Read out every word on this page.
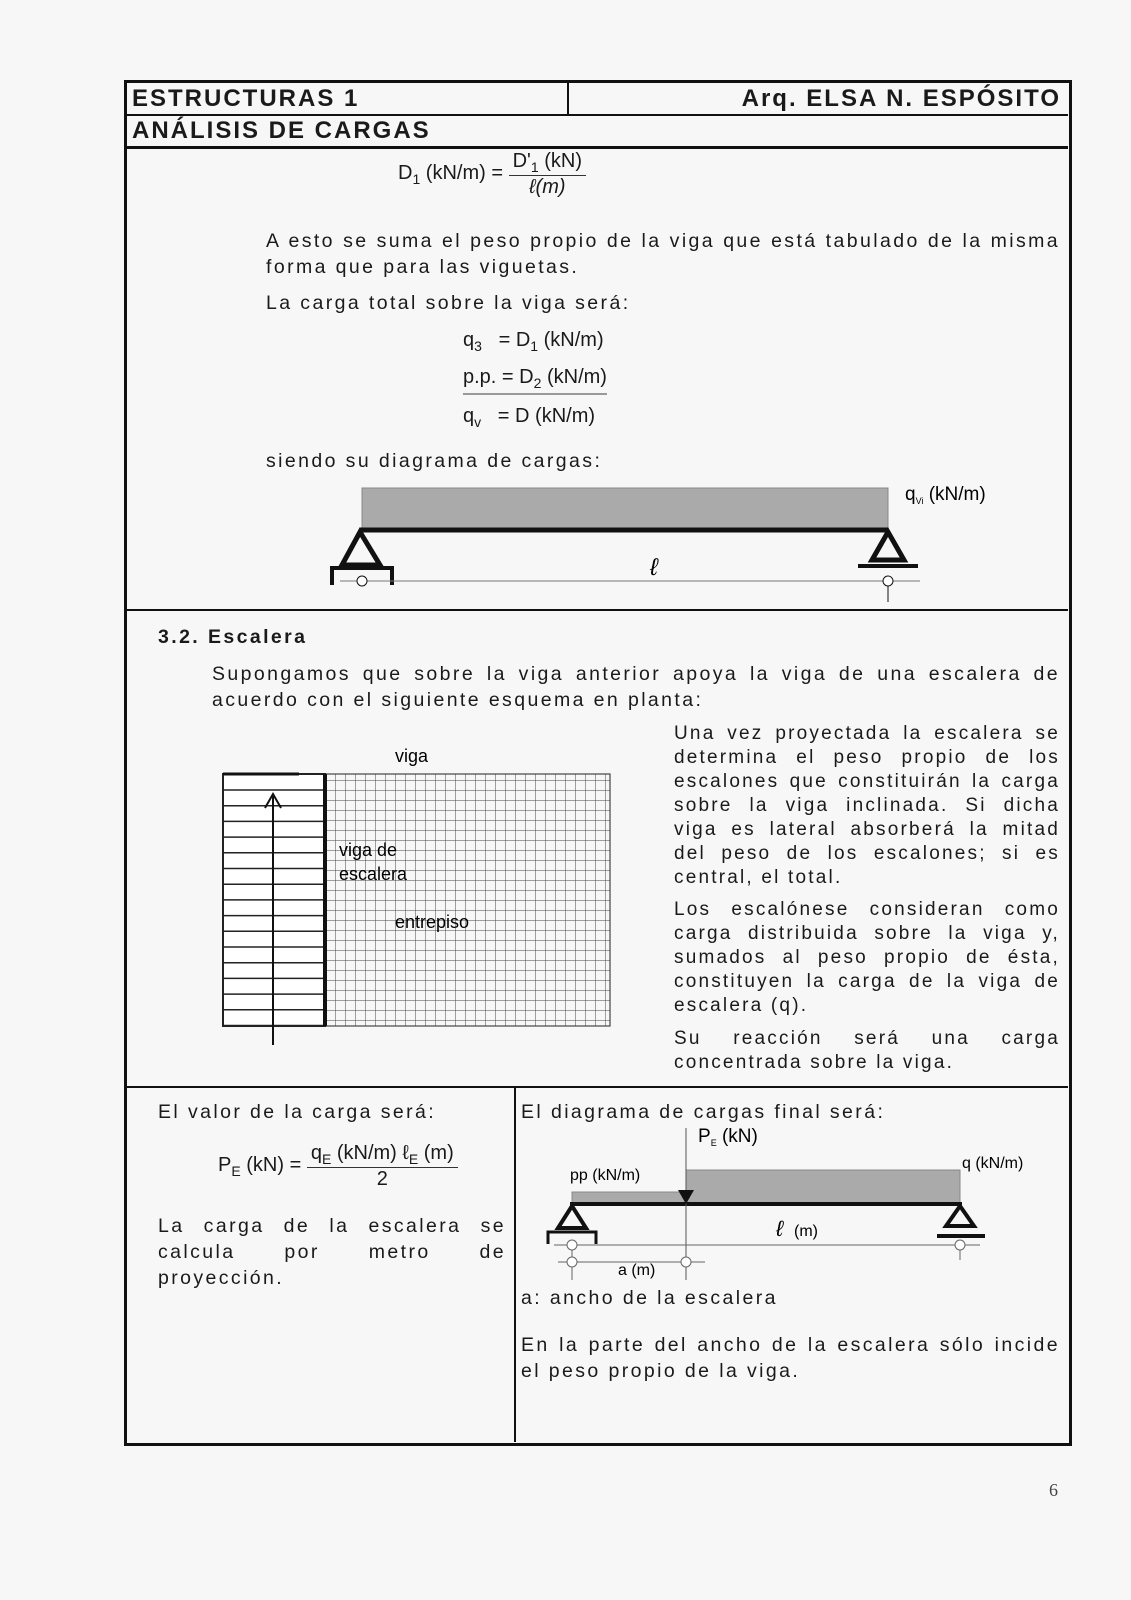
ESTRUCTURAS 1	Arq. ELSA N. ESPÓSITO
ANÁLISIS DE CARGAS
$D_1$ $(kN/m) = \frac{D'_1 (kN)}{\text{ℓ(m)}}$
A esto se suma el peso propio de la viga que está tabulado de la misma forma que para las viguetas.
La carga total sobre la viga será:
$q_3 = D_1$ (kN/m)
p.p. = $D_2$ (kN/m)
$q_v = D$ (kN/m)
siendo su diagrama de cargas:
ℓ
$q_{Vi}$ (kN/m)
3.2. Escalera
Supongamos que sobre la viga anterior apoya la viga de una escalera de acuerdo con el siguiente esquema en planta:
viga
viga de
escalera
entrepiso
Una vez proyectada la escalera se determina el peso propio de los escalones que constituirán la carga sobre la viga inclinada. Si dicha viga es lateral absorberá la mitad del peso de los escalones; si es central, el total.
Los escalónese consideran como carga distribuida sobre la viga y, sumados al peso propio de ésta, constituyen la carga de la viga de escalera (q).
Su reacción será una carga concentrada sobre la viga.
El valor de la carga será:
$P_E$ $(kN) = \frac{q_E (kN/m) \ell_E (m)}{2}$
La carga de la escalera se calcula por metro de proyección.
El diagrama de cargas final será:
$P_E$ (kN)
pp (kN/m)
q (kN/m)
ℓ (m)
a (m)
a: ancho de la escalera
En la parte del ancho de la escalera sólo incide el peso propio de la viga.
6
